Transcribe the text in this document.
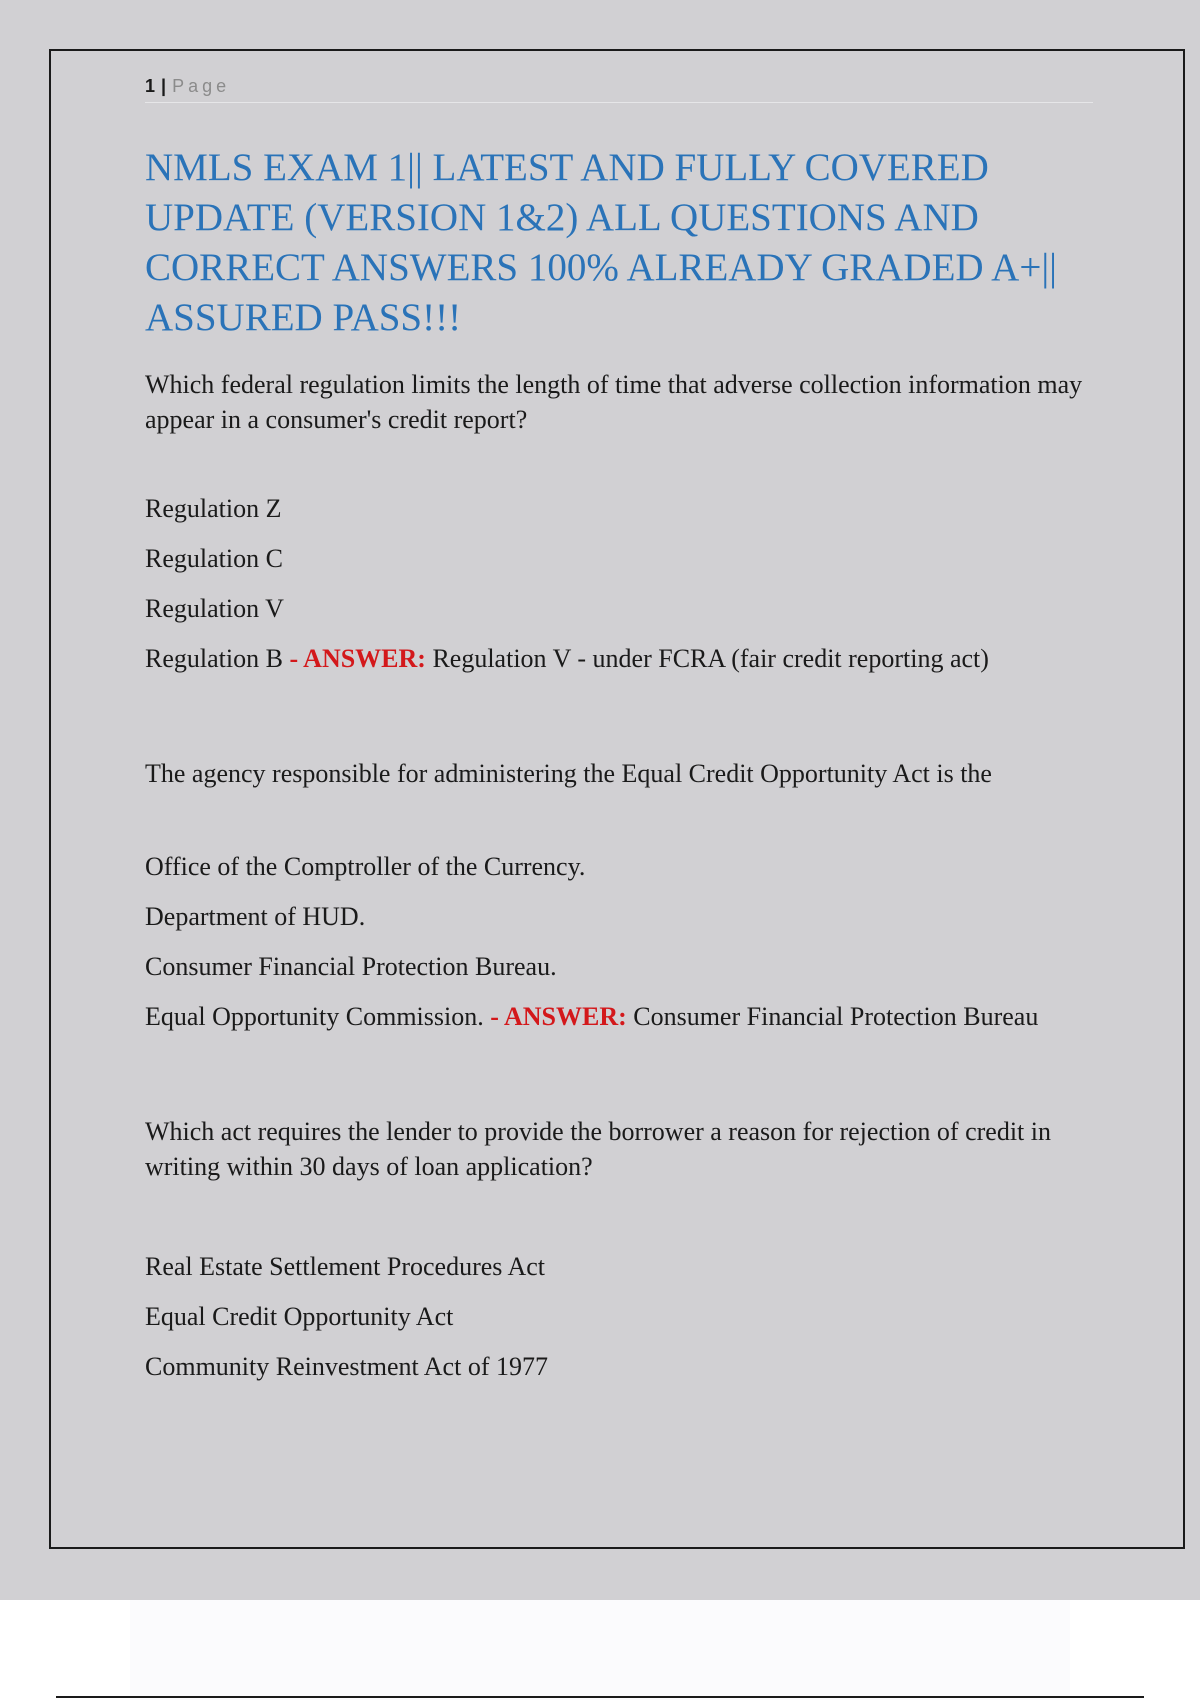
1 | Page
NMLS EXAM 1|| LATEST AND FULLY COVERED UPDATE (VERSION 1&2) ALL QUESTIONS AND CORRECT ANSWERS 100% ALREADY GRADED A+|| ASSURED PASS!!!
Which federal regulation limits the length of time that adverse collection information may appear in a consumer's credit report?
Regulation Z
Regulation C
Regulation V
Regulation B - ANSWER: Regulation V - under FCRA (fair credit reporting act)
The agency responsible for administering the Equal Credit Opportunity Act is the
Office of the Comptroller of the Currency.
Department of HUD.
Consumer Financial Protection Bureau.
Equal Opportunity Commission. - ANSWER: Consumer Financial Protection Bureau
Which act requires the lender to provide the borrower a reason for rejection of credit in writing within 30 days of loan application?
Real Estate Settlement Procedures Act
Equal Credit Opportunity Act
Community Reinvestment Act of 1977
